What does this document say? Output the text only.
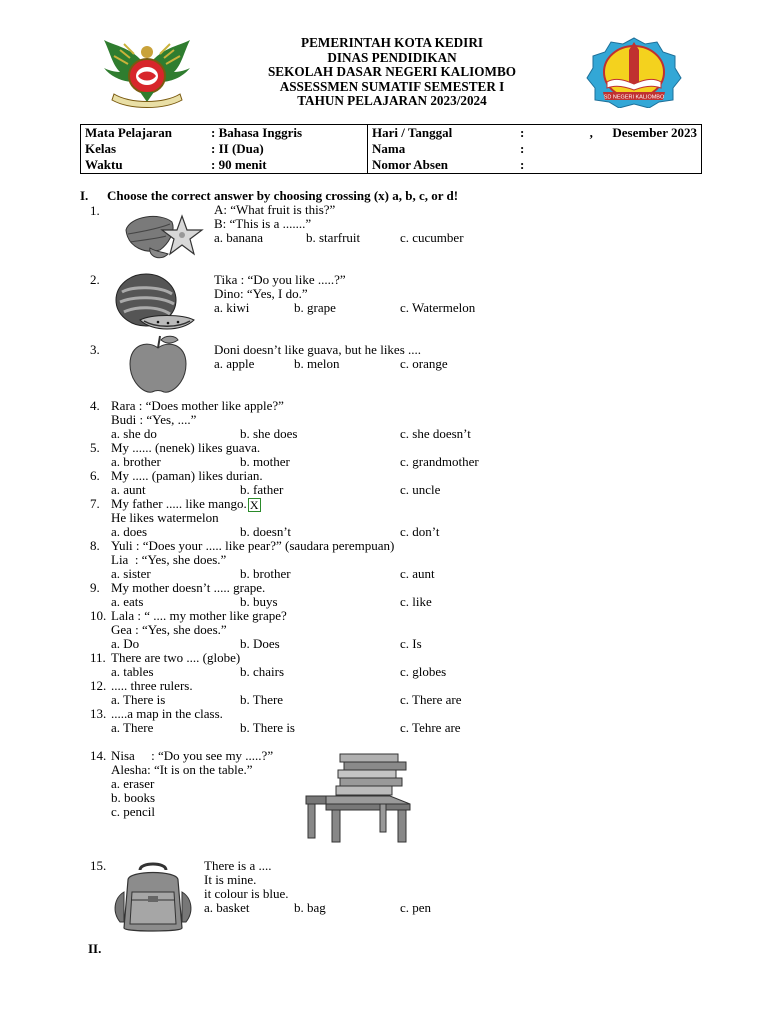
PEMERINTAH KOTA KEDIRI
DINAS PENDIDIKAN
SEKOLAH DASAR NEGERI KALIOMBO
ASSESSMEN SUMATIF SEMESTER I
TAHUN PELAJARAN 2023/2024	SD NEGERI KALIOMBO
Mata Pelajaran	: Bahasa Inggris	Hari / Tanggal	:	,      Desember 2023
Kelas	: II (Dua)	Nama	:	
Waktu	: 90 menit	Nomor Absen	:	
I. Choose the correct answer by choosing crossing (x) a, b, c, or d!
1.	A: “What fruit is this?”
B: “This is a .......”
a. banana	b. starfruit	c. cucumber
2.	Tika : “Do you like .....?”
Dino: “Yes, I do.”
a. kiwi	b. grape	c. Watermelon
3.	Doni doesn’t like guava, but he likes ....
a. apple	b. melon	c. orange
4. Rara : “Does mother like apple?”
Budi : “Yes, ....”
a. she do	b. she does	c. she doesn’t
5. My ...... (nenek) likes guava.
a. brother	b. mother	c. grandmother
6. My ..... (paman) likes durian.
a. aunt	b. father	c. uncle
7. My father ..... like mango. X
He likes watermelon
a. does	b. doesn’t	c. don’t
8. Yuli : “Does your ..... like pear?” (saudara perempuan)
Lia  : “Yes, she does.”
a. sister	b. brother	c. aunt
9. My mother doesn’t ..... grape.
a. eats	b. buys	c. like
10. Lala : “ .... my mother like grape?
Gea : “Yes, she does.”
a. Do	b. Does	c. Is
11. There are two .... (globe)
a. tables	b. chairs	c. globes
12. ..... three rulers.
a. There is	b. There	c. There are
13. .....a map in the class.
a. There	b. There is	c. Tehre are
14. Nisa     : “Do you see my .....?”
Alesha: “It is on the table.”
a. eraser
b. books
c. pencil
15.	There is a ....
It is mine.
it colour is blue.
a. basket	b. bag	c. pen
II.
